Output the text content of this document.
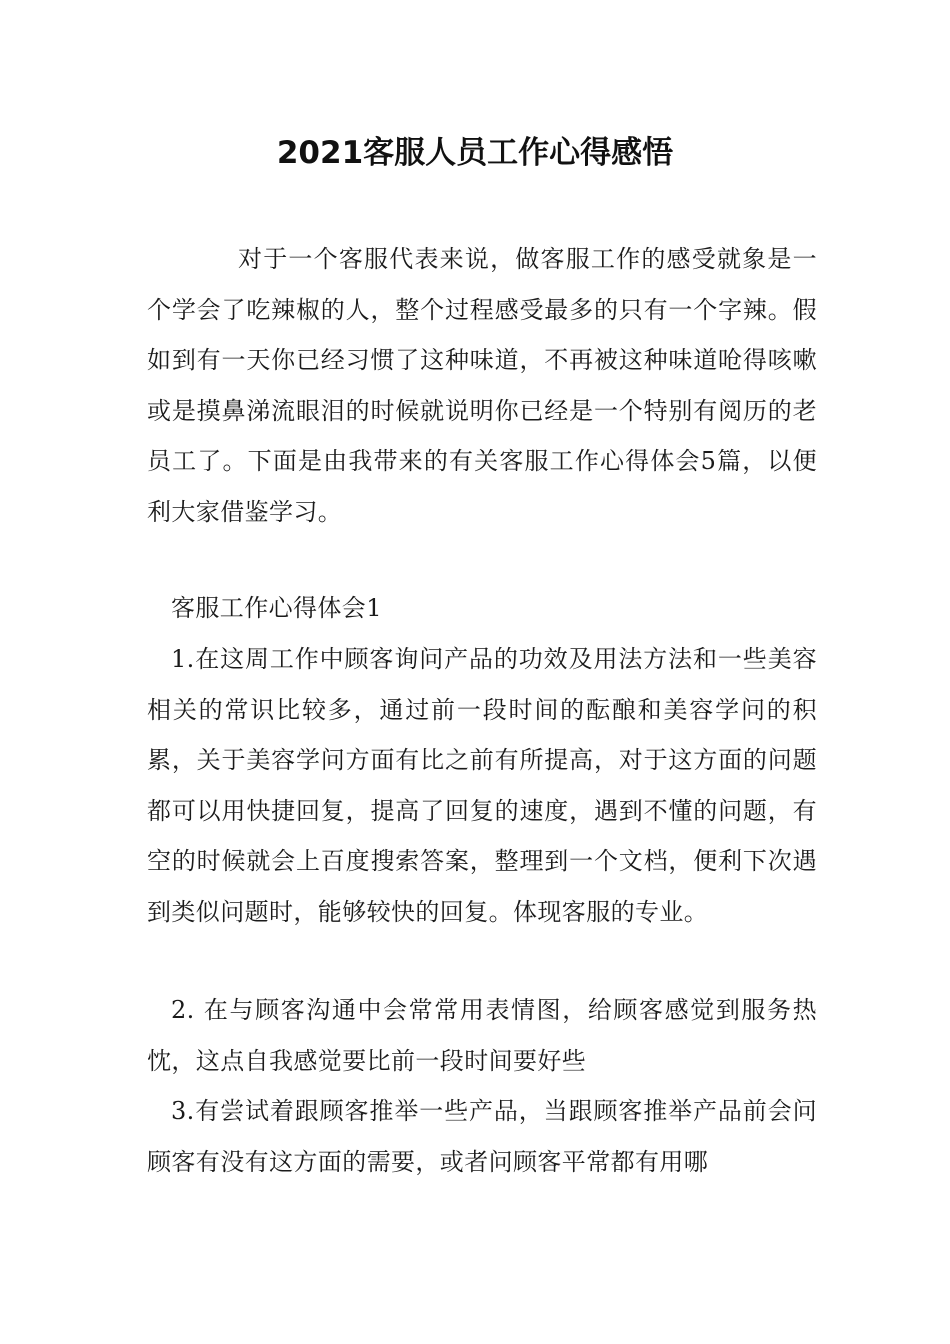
2021客服人员工作心得感悟

对于一个客服代表来说，做客服工作的感受就象是一个学会了吃辣椒的人，整个过程感受最多的只有一个字辣。假如到有一天你已经习惯了这种味道，不再被这种味道呛得咳嗽或是摸鼻涕流眼泪的时候就说明你已经是一个特别有阅历的老员工了。下面是由我带来的有关客服工作心得体会5篇，以便利大家借鉴学习。

客服工作心得体会1

1.在这周工作中顾客询问产品的功效及用法方法和一些美容相关的常识比较多，通过前一段时间的酝酿和美容学问的积累，关于美容学问方面有比之前有所提高，对于这方面的问题都可以用快捷回复，提高了回复的速度，遇到不懂的问题，有空的时候就会上百度搜索答案，整理到一个文档，便利下次遇到类似问题时，能够较快的回复。体现客服的专业。

2. 在与顾客沟通中会常常用表情图，给顾客感觉到服务热忱，这点自我感觉要比前一段时间要好些

3.有尝试着跟顾客推举一些产品，当跟顾客推举产品前会问顾客有没有这方面的需要，或者问顾客平常都有用哪
